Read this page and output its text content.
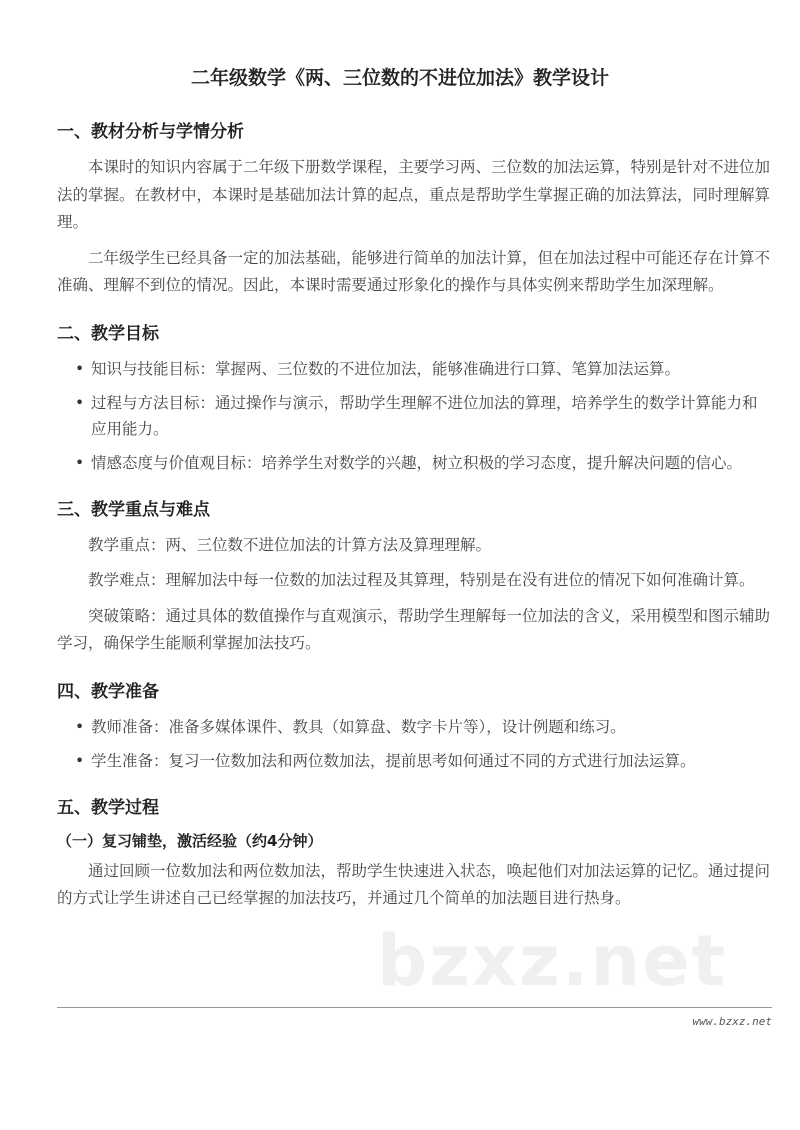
二年级数学《两、三位数的不进位加法》教学设计
一、教材分析与学情分析
本课时的知识内容属于二年级下册数学课程，主要学习两、三位数的加法运算，特别是针对不进位加法的掌握。在教材中，本课时是基础加法计算的起点，重点是帮助学生掌握正确的加法算法，同时理解算理。
二年级学生已经具备一定的加法基础，能够进行简单的加法计算，但在加法过程中可能还存在计算不准确、理解不到位的情况。因此，本课时需要通过形象化的操作与具体实例来帮助学生加深理解。
二、教学目标
• 知识与技能目标：掌握两、三位数的不进位加法，能够准确进行口算、笔算加法运算。
• 过程与方法目标：通过操作与演示，帮助学生理解不进位加法的算理，培养学生的数学计算能力和应用能力。
• 情感态度与价值观目标：培养学生对数学的兴趣，树立积极的学习态度，提升解决问题的信心。
三、教学重点与难点
教学重点：两、三位数不进位加法的计算方法及算理理解。
教学难点：理解加法中每一位数的加法过程及其算理，特别是在没有进位的情况下如何准确计算。
突破策略：通过具体的数值操作与直观演示，帮助学生理解每一位加法的含义，采用模型和图示辅助学习，确保学生能顺利掌握加法技巧。
四、教学准备
• 教师准备：准备多媒体课件、教具（如算盘、数字卡片等），设计例题和练习。
• 学生准备：复习一位数加法和两位数加法，提前思考如何通过不同的方式进行加法运算。
五、教学过程
（一）复习铺垫，激活经验（约4分钟）
通过回顾一位数加法和两位数加法，帮助学生快速进入状态，唤起他们对加法运算的记忆。通过提问的方式让学生讲述自己已经掌握的加法技巧，并通过几个简单的加法题目进行热身。
bzxz.net
www.bzxz.net
